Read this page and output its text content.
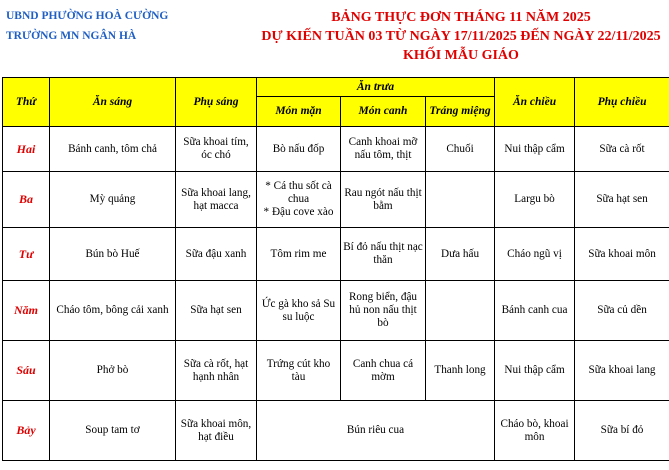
UBND PHƯỜNG HOÀ CƯỜNG
TRƯỜNG MN NGÂN HÀ
BẢNG THỰC ĐƠN THÁNG 11 NĂM 2025
DỰ KIẾN TUẦN 03 TỪ NGÀY 17/11/2025 ĐẾN NGÀY 22/11/2025
KHỐI MẪU GIÁO
Thứ	Ăn sáng	Phụ sáng	Ăn trưa			Ăn chiều	Phụ chiều
			Món mặn	Món canh	Tráng miệng		
Hai	Bánh canh, tôm chả	Sữa khoai tím, óc chó	Bò nấu đốp	Canh khoai mỡ nấu tôm, thịt	Chuối	Nui thập cẩm	Sữa cà rốt
Ba	Mỳ quảng	Sữa khoai lang, hạt macca	* Cá thu sốt cà chua
* Đậu cove xào	Rau ngót nấu thịt bằm		Largu bò	Sữa hạt sen
Tư	Bún bò Huế	Sữa đậu xanh	Tôm rim me	Bí đỏ nấu thịt nạc thăn	Dưa hấu	Cháo ngũ vị	Sữa khoai môn
Năm	Cháo tôm, bông cải xanh	Sữa hạt sen	Ức gà kho sả Su su luộc	Rong biển, đậu hủ non nấu thịt bò		Bánh canh cua	Sữa củ dền
Sáu	Phở bò	Sữa cà rốt, hạt hạnh nhân	Trứng cút kho tàu	Canh chua cá mờm	Thanh long	Nui thập cẩm	Sữa khoai lang
Bảy	Soup tam tơ	Sữa khoai môn, hạt điều	Bún riêu cua			Cháo bò, khoai môn	Sữa bí đỏ
